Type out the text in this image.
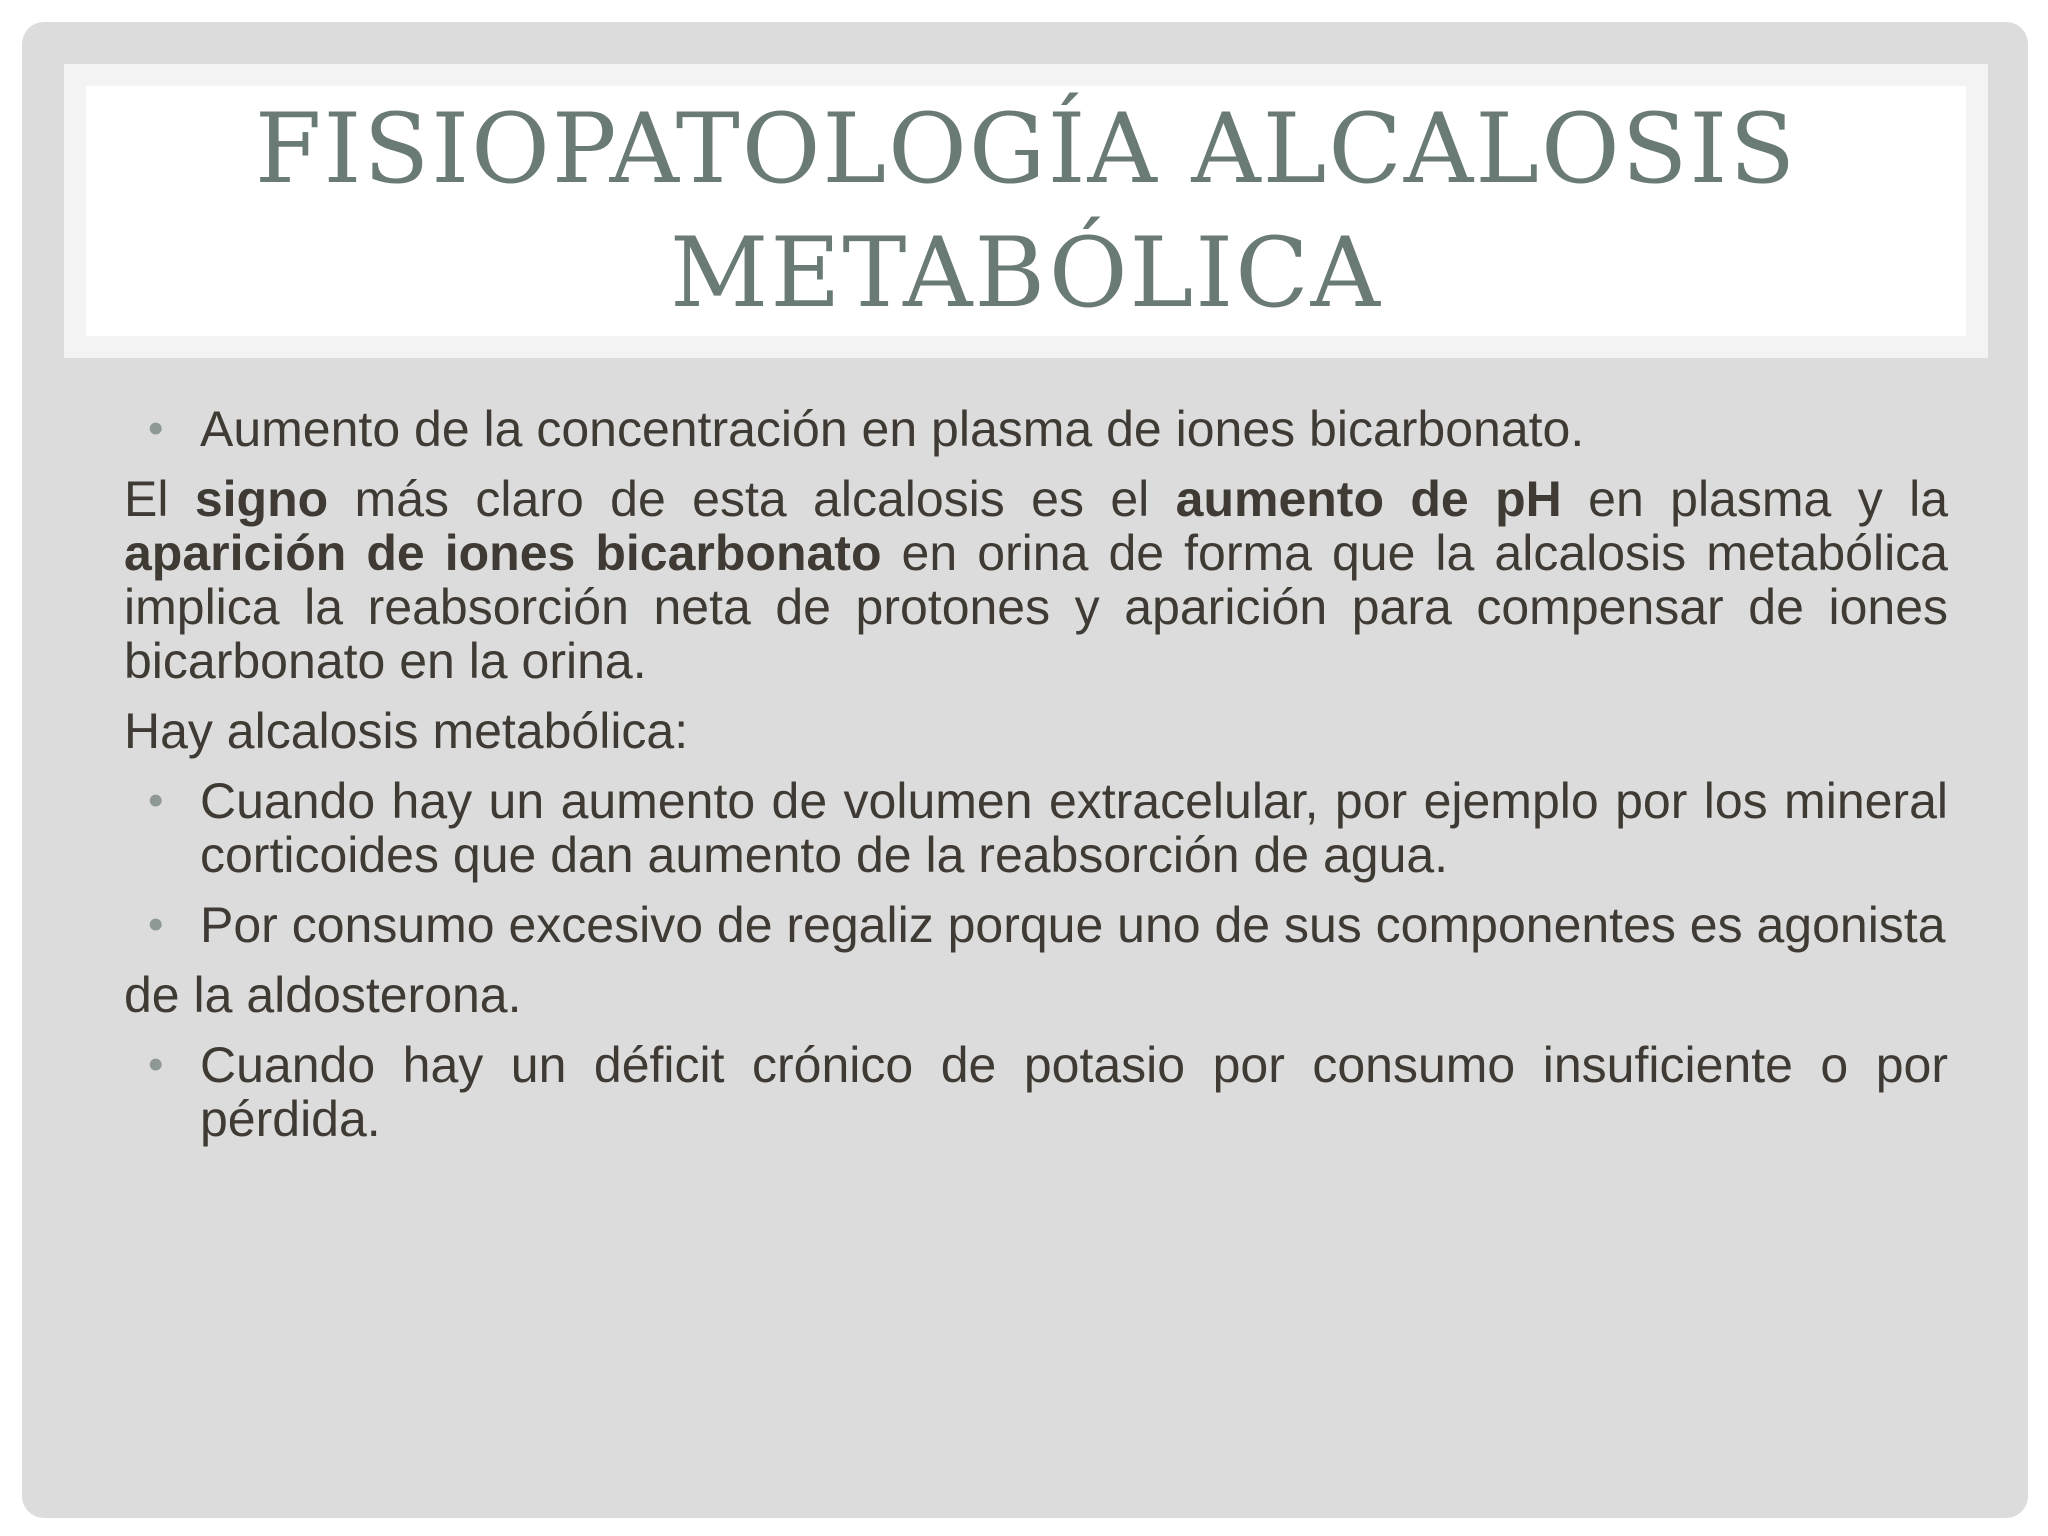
FISIOPATOLOGÍA ALCALOSIS
METABÓLICA
• Aumento de la concentración en plasma de iones bicarbonato.
El signo más claro de esta alcalosis es el aumento de pH en plasma y la aparición de iones bicarbonato en orina de forma que la alcalosis metabólica implica la reabsorción neta de protones y aparición para compensar de iones bicarbonato en la orina.
Hay alcalosis metabólica:
• Cuando hay un aumento de volumen extracelular, por ejemplo por los mineral corticoides que dan aumento de la reabsorción de agua.
• Por consumo excesivo de regaliz porque uno de sus componentes es agonista
de la aldosterona.
• Cuando hay un déficit crónico de potasio por consumo insuficiente o por pérdida.
